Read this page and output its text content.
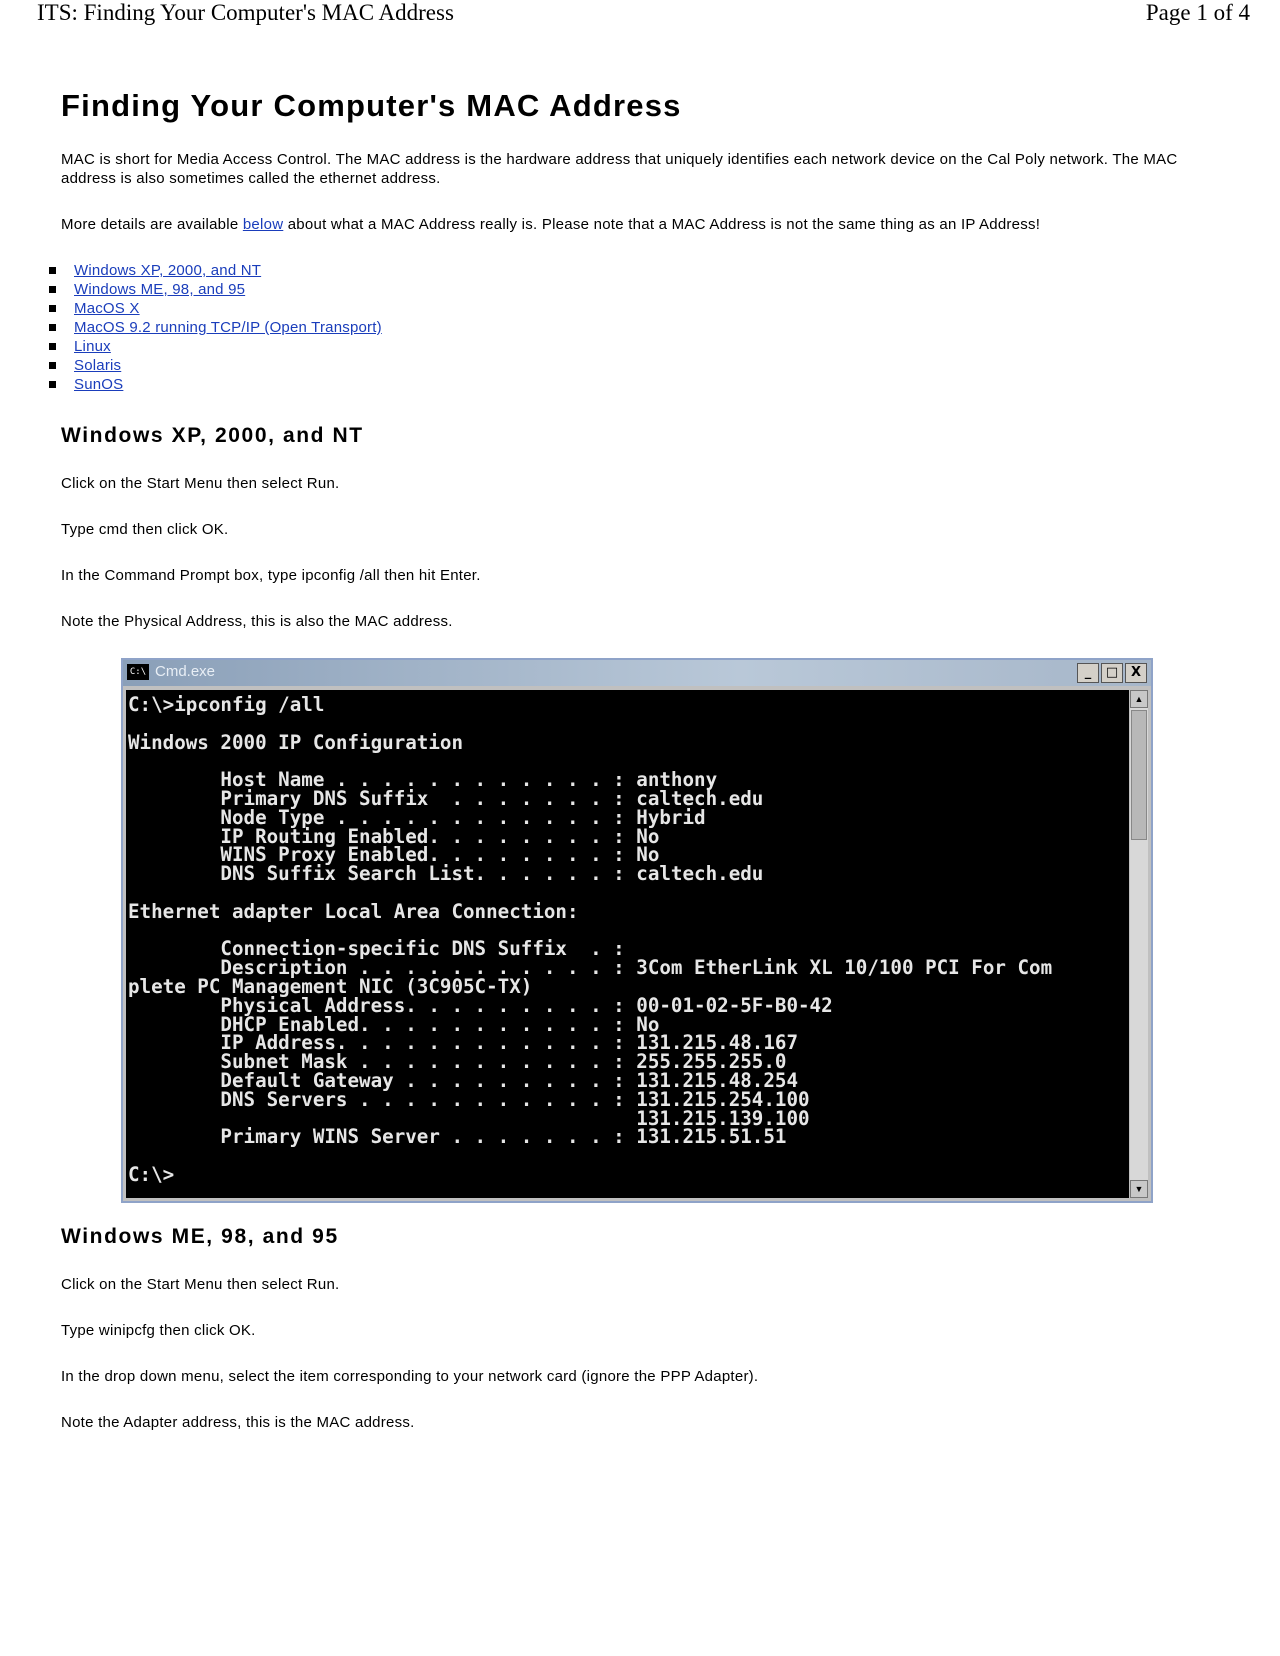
ITS: Finding Your Computer's MAC Address	Page 1 of 4
Finding Your Computer's MAC Address

MAC is short for Media Access Control. The MAC address is the hardware address that uniquely identifies each network device on the Cal Poly network. The MAC address is also sometimes called the ethernet address.

More details are available below about what a MAC Address really is. Please note that a MAC Address is not the same thing as an IP Address!

Windows XP, 2000, and NT
Windows ME, 98, and 95
MacOS X
MacOS 9.2 running TCP/IP (Open Transport)
Linux
Solaris
SunOS
Windows XP, 2000, and NT

Click on the Start Menu then select Run.

Type cmd then click OK.

In the Command Prompt box, type ipconfig /all then hit Enter.

Note the Physical Address, this is also the MAC address.

C:\ Cmd.exe	_	□ X
C:\>ipconfig /all

Windows 2000 IP Configuration

Host Name . . . . . . . . . . . . : anthony
Primary DNS Suffix  . . . . . . . : caltech.edu
Node Type . . . . . . . . . . . . : Hybrid
IP Routing Enabled. . . . . . . . : No
WINS Proxy Enabled. . . . . . . . : No
DNS Suffix Search List. . . . . . : caltech.edu

Ethernet adapter Local Area Connection:

Connection-specific DNS Suffix  . :
Description . . . . . . . . . . . : 3Com EtherLink XL 10/100 PCI For Com
plete PC Management NIC (3C905C-TX)
Physical Address. . . . . . . . . : 00-01-02-5F-B0-42
DHCP Enabled. . . . . . . . . . . : No
IP Address. . . . . . . . . . . . : 131.215.48.167
Subnet Mask . . . . . . . . . . . : 255.255.255.0
Default Gateway . . . . . . . . . : 131.215.48.254
DNS Servers . . . . . . . . . . . : 131.215.254.100
131.215.139.100
Primary WINS Server . . . . . . . : 131.215.51.51

C:\>
▲
▼
Windows ME, 98, and 95

Click on the Start Menu then select Run.

Type winipcfg then click OK.

In the drop down menu, select the item corresponding to your network card (ignore the PPP Adapter).

Note the Adapter address, this is the MAC address.
